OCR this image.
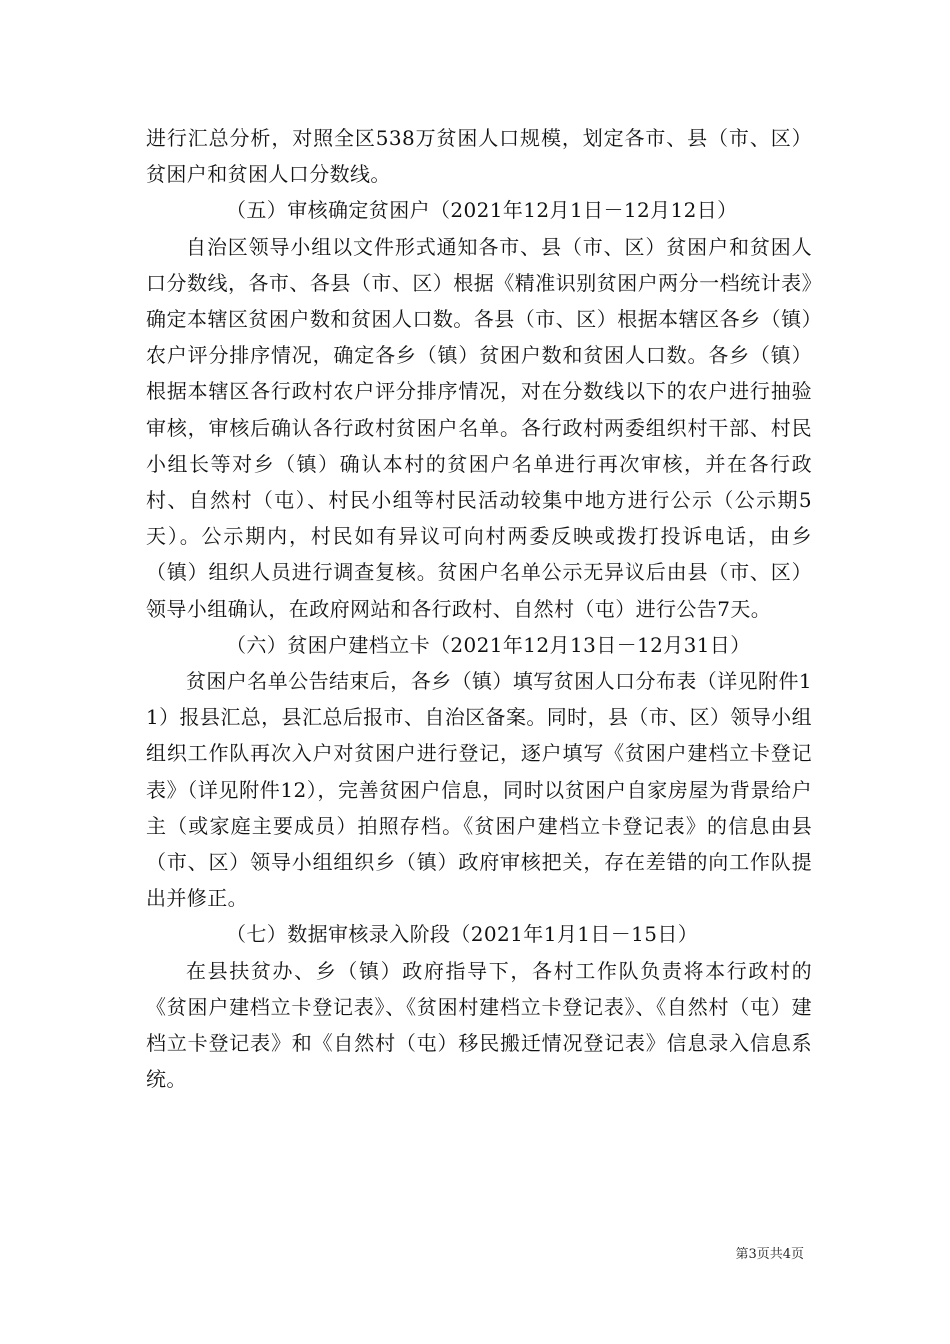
进行汇总分析，对照全区538万贫困人口规模，划定各市、县（市、区）贫困户和贫困人口分数线。

（五）审核确定贫困户（2021年12月1日－12月12日）

自治区领导小组以文件形式通知各市、县（市、区）贫困户和贫困人口分数线，各市、各县（市、区）根据《精准识别贫困户两分一档统计表》确定本辖区贫困户数和贫困人口数。各县（市、区）根据本辖区各乡（镇）农户评分排序情况，确定各乡（镇）贫困户数和贫困人口数。各乡（镇）根据本辖区各行政村农户评分排序情况，对在分数线以下的农户进行抽验审核，审核后确认各行政村贫困户名单。各行政村两委组织村干部、村民小组长等对乡（镇）确认本村的贫困户名单进行再次审核，并在各行政村、自然村（屯）、村民小组等村民活动较集中地方进行公示（公示期5天）。公示期内，村民如有异议可向村两委反映或拨打投诉电话，由乡（镇）组织人员进行调查复核。贫困户名单公示无异议后由县（市、区）领导小组确认，在政府网站和各行政村、自然村（屯）进行公告7天。

（六）贫困户建档立卡（2021年12月13日－12月31日）

贫困户名单公告结束后，各乡（镇）填写贫困人口分布表（详见附件11）报县汇总，县汇总后报市、自治区备案。同时，县（市、区）领导小组组织工作队再次入户对贫困户进行登记，逐户填写《贫困户建档立卡登记表》（详见附件12），完善贫困户信息，同时以贫困户自家房屋为背景给户主（或家庭主要成员）拍照存档。《贫困户建档立卡登记表》的信息由县（市、区）领导小组组织乡（镇）政府审核把关，存在差错的向工作队提出并修正。

（七）数据审核录入阶段（2021年1月1日－15日）

在县扶贫办、乡（镇）政府指导下，各村工作队负责将本行政村的《贫困户建档立卡登记表》、《贫困村建档立卡登记表》、《自然村（屯）建档立卡登记表》和《自然村（屯）移民搬迁情况登记表》信息录入信息系统。

第3页共4页
